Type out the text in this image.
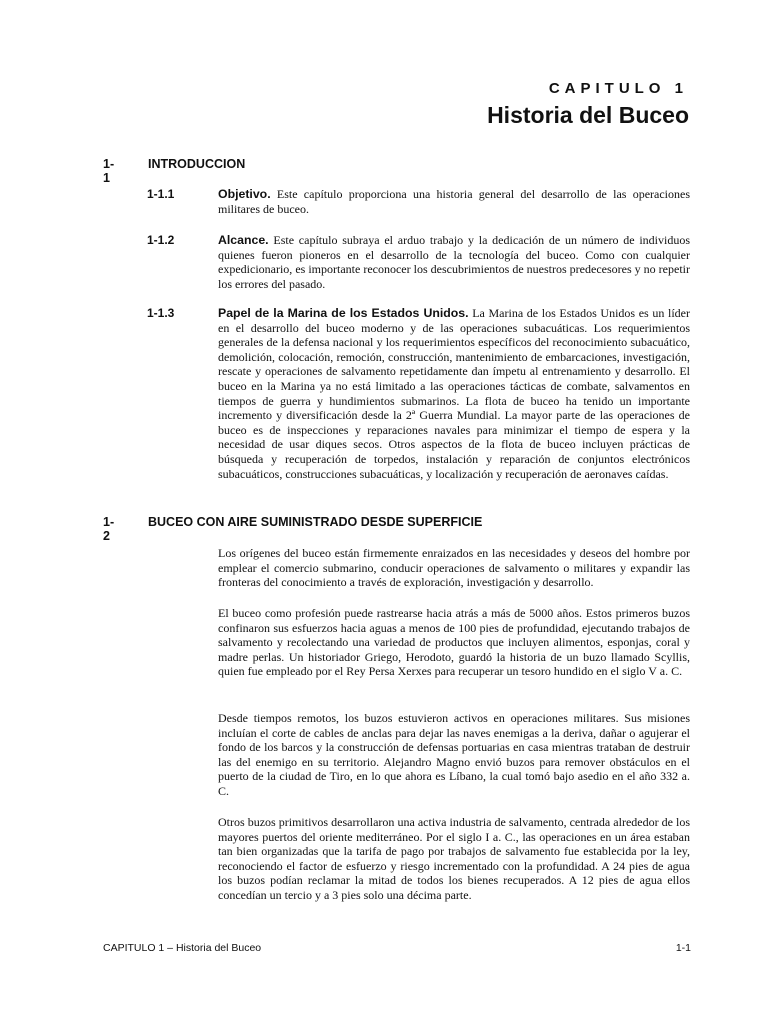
CAPITULO 1
Historia del Buceo
1-1
INTRODUCCION
1-1.1	Objetivo. Este capítulo proporciona una historia general del desarrollo de las operaciones militares de buceo.
1-1.2	Alcance. Este capítulo subraya el arduo trabajo y la dedicación de un número de individuos quienes fueron pioneros en el desarrollo de la tecnología del buceo. Como con cualquier expedicionario, es importante reconocer los descubrimientos de nuestros predecesores y no repetir los errores del pasado.
1-1.3	Papel de la Marina de los Estados Unidos. La Marina de los Estados Unidos es un líder en el desarrollo del buceo moderno y de las operaciones subacuáticas. Los requerimientos generales de la defensa nacional y los requerimientos específicos del reconocimiento subacuático, demolición, colocación, remoción, construcción, mantenimiento de embarcaciones, investigación, rescate y operaciones de salvamento repetidamente dan ímpetu al entrenamiento y desarrollo. El buceo en la Marina ya no está limitado a las operaciones tácticas de combate, salvamentos en tiempos de guerra y hundimientos submarinos. La flota de buceo ha tenido un importante incremento y diversificación desde la 2ª Guerra Mundial. La mayor parte de las operaciones de buceo es de inspecciones y reparaciones navales para minimizar el tiempo de espera y la necesidad de usar diques secos. Otros aspectos de la flota de buceo incluyen prácticas de búsqueda y recuperación de torpedos, instalación y reparación de conjuntos electrónicos subacuáticos, construcciones subacuáticas, y localización y recuperación de aeronaves caídas.
1-2
BUCEO CON AIRE SUMINISTRADO DESDE SUPERFICIE

Los orígenes del buceo están firmemente enraizados en las necesidades y deseos del hombre por emplear el comercio submarino, conducir operaciones de salvamento o militares y expandir las fronteras del conocimiento a través de exploración, investigación y desarrollo.

El buceo como profesión puede rastrearse hacia atrás a más de 5000 años. Estos primeros buzos confinaron sus esfuerzos hacia aguas a menos de 100 pies de profundidad, ejecutando trabajos de salvamento y recolectando una variedad de productos que incluyen alimentos, esponjas, coral y madre perlas. Un historiador Griego, Herodoto, guardó la historia de un buzo llamado Scyllis, quien fue empleado por el Rey Persa Xerxes para recuperar un tesoro hundido en el siglo V a. C.

Desde tiempos remotos, los buzos estuvieron activos en operaciones militares. Sus misiones incluían el corte de cables de anclas para dejar las naves enemigas a la deriva, dañar o agujerar el fondo de los barcos y la construcción de defensas portuarias en casa mientras trataban de destruir las del enemigo en su territorio. Alejandro Magno envió buzos para remover obstáculos en el puerto de la ciudad de Tiro, en lo que ahora es Líbano, la cual tomó bajo asedio en el año 332 a. C.

Otros buzos primitivos desarrollaron una activa industria de salvamento, centrada alrededor de los mayores puertos del oriente mediterráneo. Por el siglo I a. C., las operaciones en un área estaban tan bien organizadas que la tarifa de pago por trabajos de salvamento fue establecida por la ley, reconociendo el factor de esfuerzo y riesgo incrementado con la profundidad. A 24 pies de agua los buzos podían reclamar la mitad de todos los bienes recuperados. A 12 pies de agua ellos concedían un tercio y a 3 pies solo una décima parte.

CAPITULO 1 – Historia del Buceo	1-1
